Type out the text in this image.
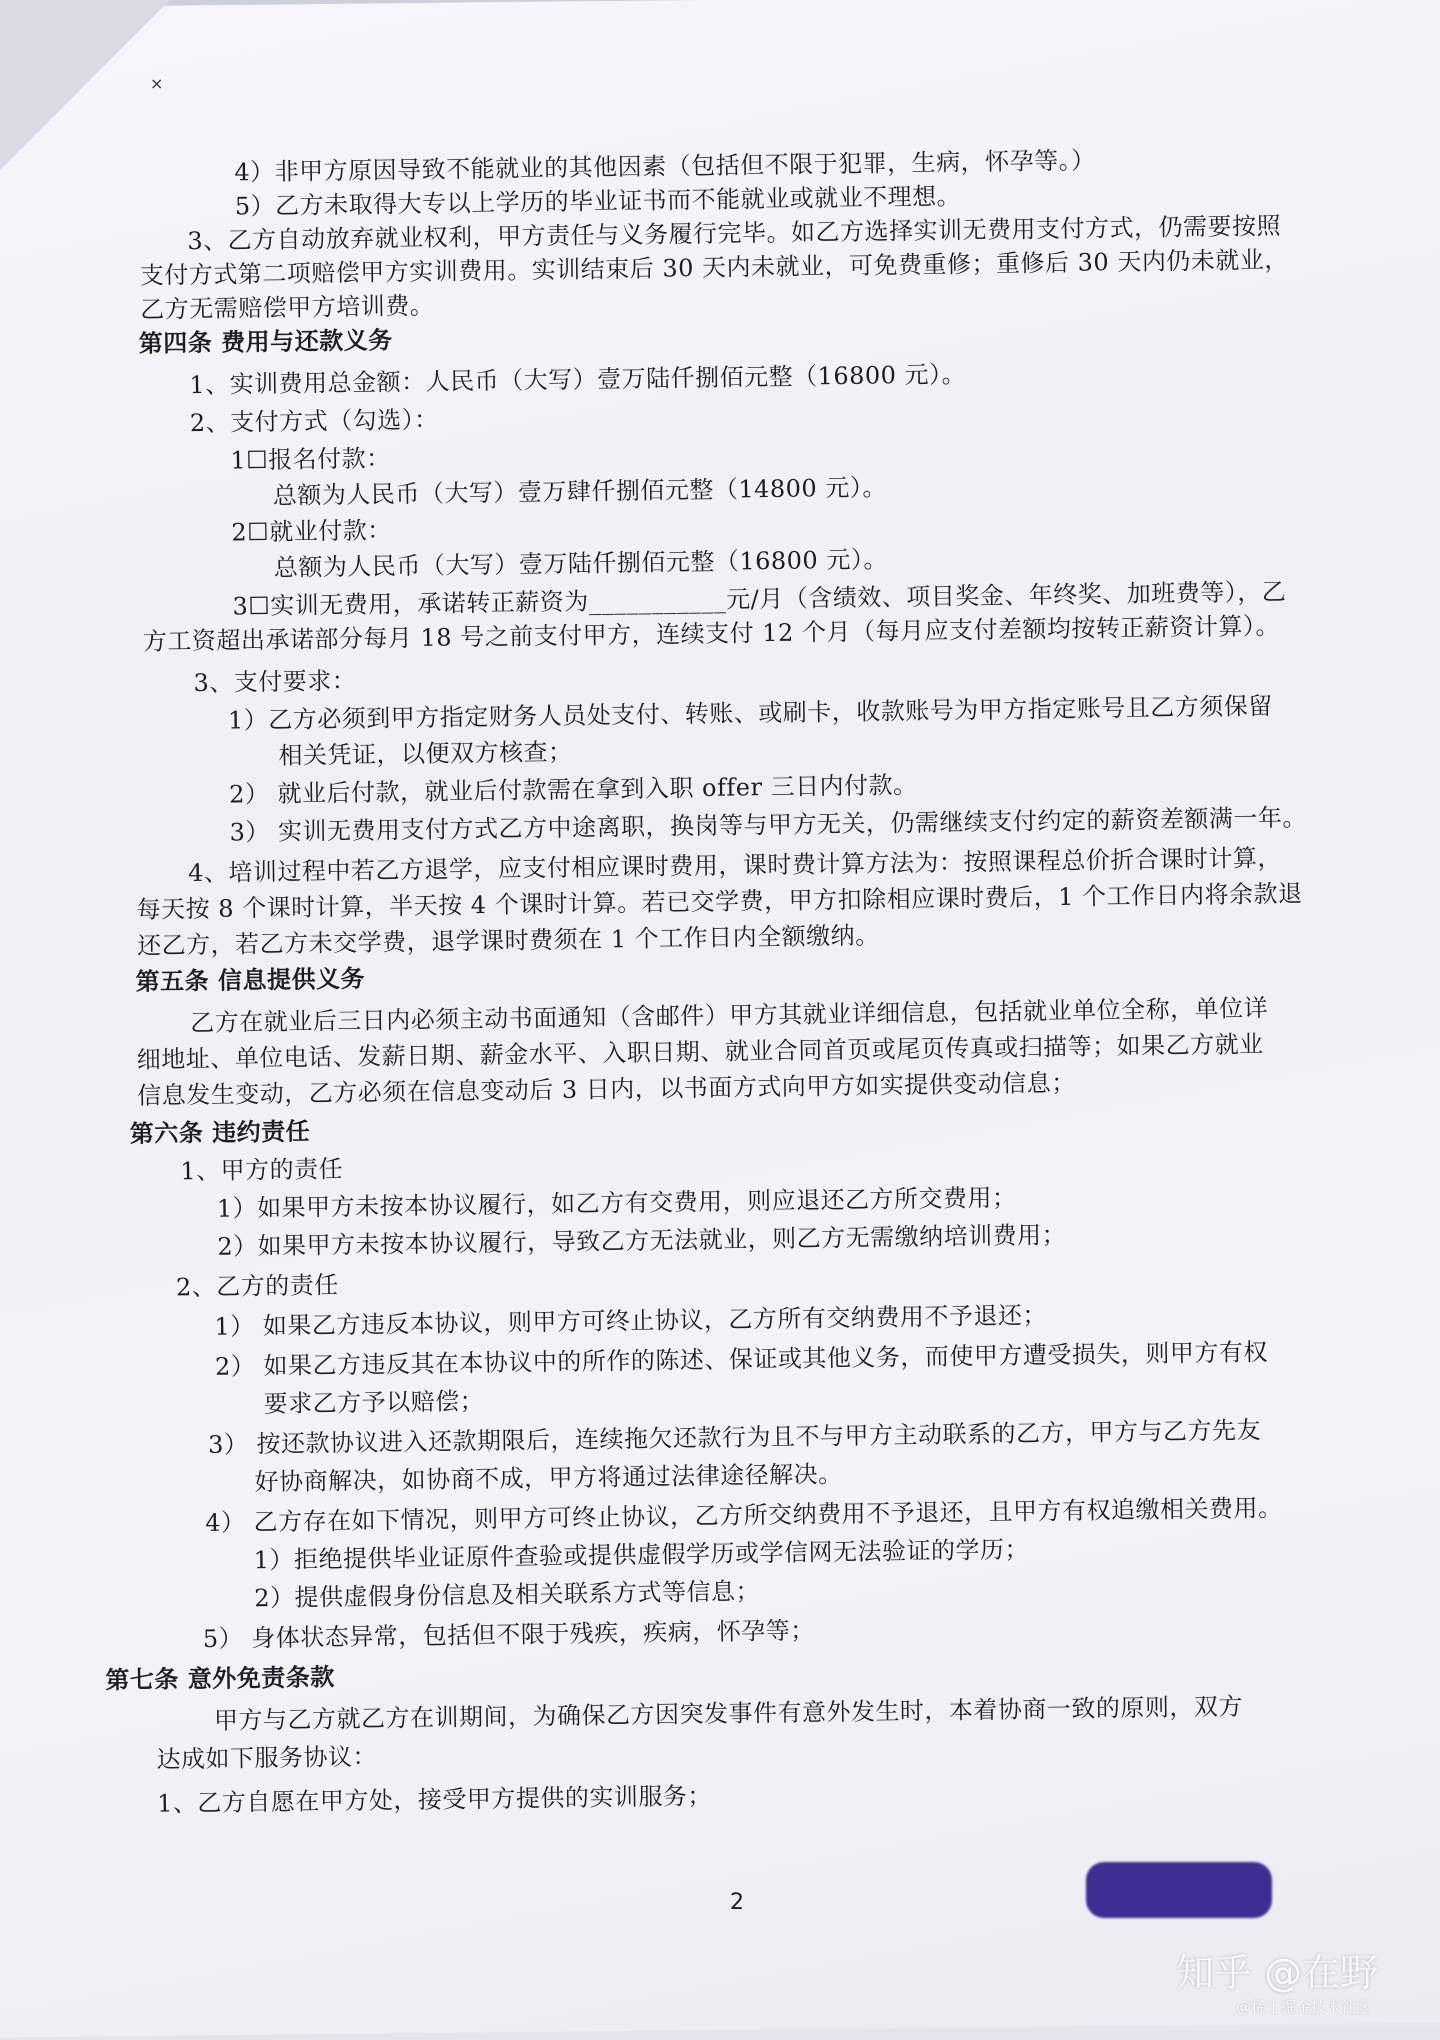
×
4）非甲方原因导致不能就业的其他因素（包括但不限于犯罪，生病，怀孕等。）
5）乙方未取得大专以上学历的毕业证书而不能就业或就业不理想。
3、乙方自动放弃就业权利，甲方责任与义务履行完毕。如乙方选择实训无费用支付方式，仍需要按照
支付方式第二项赔偿甲方实训费用。实训结束后 30 天内未就业，可免费重修；重修后 30 天内仍未就业，
乙方无需赔偿甲方培训费。
第四条 费用与还款义务
1、实训费用总金额：人民币（大写）壹万陆仟捌佰元整（16800 元）。
2、支付方式（勾选）：
1☐报名付款：
总额为人民币（大写）壹万肆仟捌佰元整（14800 元）。
2☐就业付款：
总额为人民币（大写）壹万陆仟捌佰元整（16800 元）。
3☐实训无费用，承诺转正薪资为___________元/月（含绩效、项目奖金、年终奖、加班费等），乙
方工资超出承诺部分每月 18 号之前支付甲方，连续支付 12 个月（每月应支付差额均按转正薪资计算）。
3、支付要求：
1）乙方必须到甲方指定财务人员处支付、转账、或刷卡，收款账号为甲方指定账号且乙方须保留
相关凭证，以便双方核查；
2） 就业后付款，就业后付款需在拿到入职 offer 三日内付款。
3） 实训无费用支付方式乙方中途离职，换岗等与甲方无关，仍需继续支付约定的薪资差额满一年。
4、培训过程中若乙方退学，应支付相应课时费用，课时费计算方法为：按照课程总价折合课时计算，
每天按 8 个课时计算，半天按 4 个课时计算。若已交学费，甲方扣除相应课时费后，1 个工作日内将余款退
还乙方，若乙方未交学费，退学课时费须在 1 个工作日内全额缴纳。
第五条 信息提供义务
乙方在就业后三日内必须主动书面通知（含邮件）甲方其就业详细信息，包括就业单位全称，单位详
细地址、单位电话、发薪日期、薪金水平、入职日期、就业合同首页或尾页传真或扫描等；如果乙方就业
信息发生变动，乙方必须在信息变动后 3 日内，以书面方式向甲方如实提供变动信息；
第六条 违约责任
1、甲方的责任
1）如果甲方未按本协议履行，如乙方有交费用，则应退还乙方所交费用；
2）如果甲方未按本协议履行，导致乙方无法就业，则乙方无需缴纳培训费用；
2、乙方的责任
1） 如果乙方违反本协议，则甲方可终止协议，乙方所有交纳费用不予退还；
2） 如果乙方违反其在本协议中的所作的陈述、保证或其他义务，而使甲方遭受损失，则甲方有权
要求乙方予以赔偿；
3） 按还款协议进入还款期限后，连续拖欠还款行为且不与甲方主动联系的乙方，甲方与乙方先友
好协商解决，如协商不成，甲方将通过法律途径解决。
4） 乙方存在如下情况，则甲方可终止协议，乙方所交纳费用不予退还，且甲方有权追缴相关费用。
1）拒绝提供毕业证原件查验或提供虚假学历或学信网无法验证的学历；
2）提供虚假身份信息及相关联系方式等信息；
5） 身体状态异常，包括但不限于残疾，疾病，怀孕等；
第七条 意外免责条款
甲方与乙方就乙方在训期间，为确保乙方因突发事件有意外发生时，本着协商一致的原则，双方
达成如下服务协议：
1、乙方自愿在甲方处，接受甲方提供的实训服务；
2
知乎 @在野
@稀土掘金技术社区
